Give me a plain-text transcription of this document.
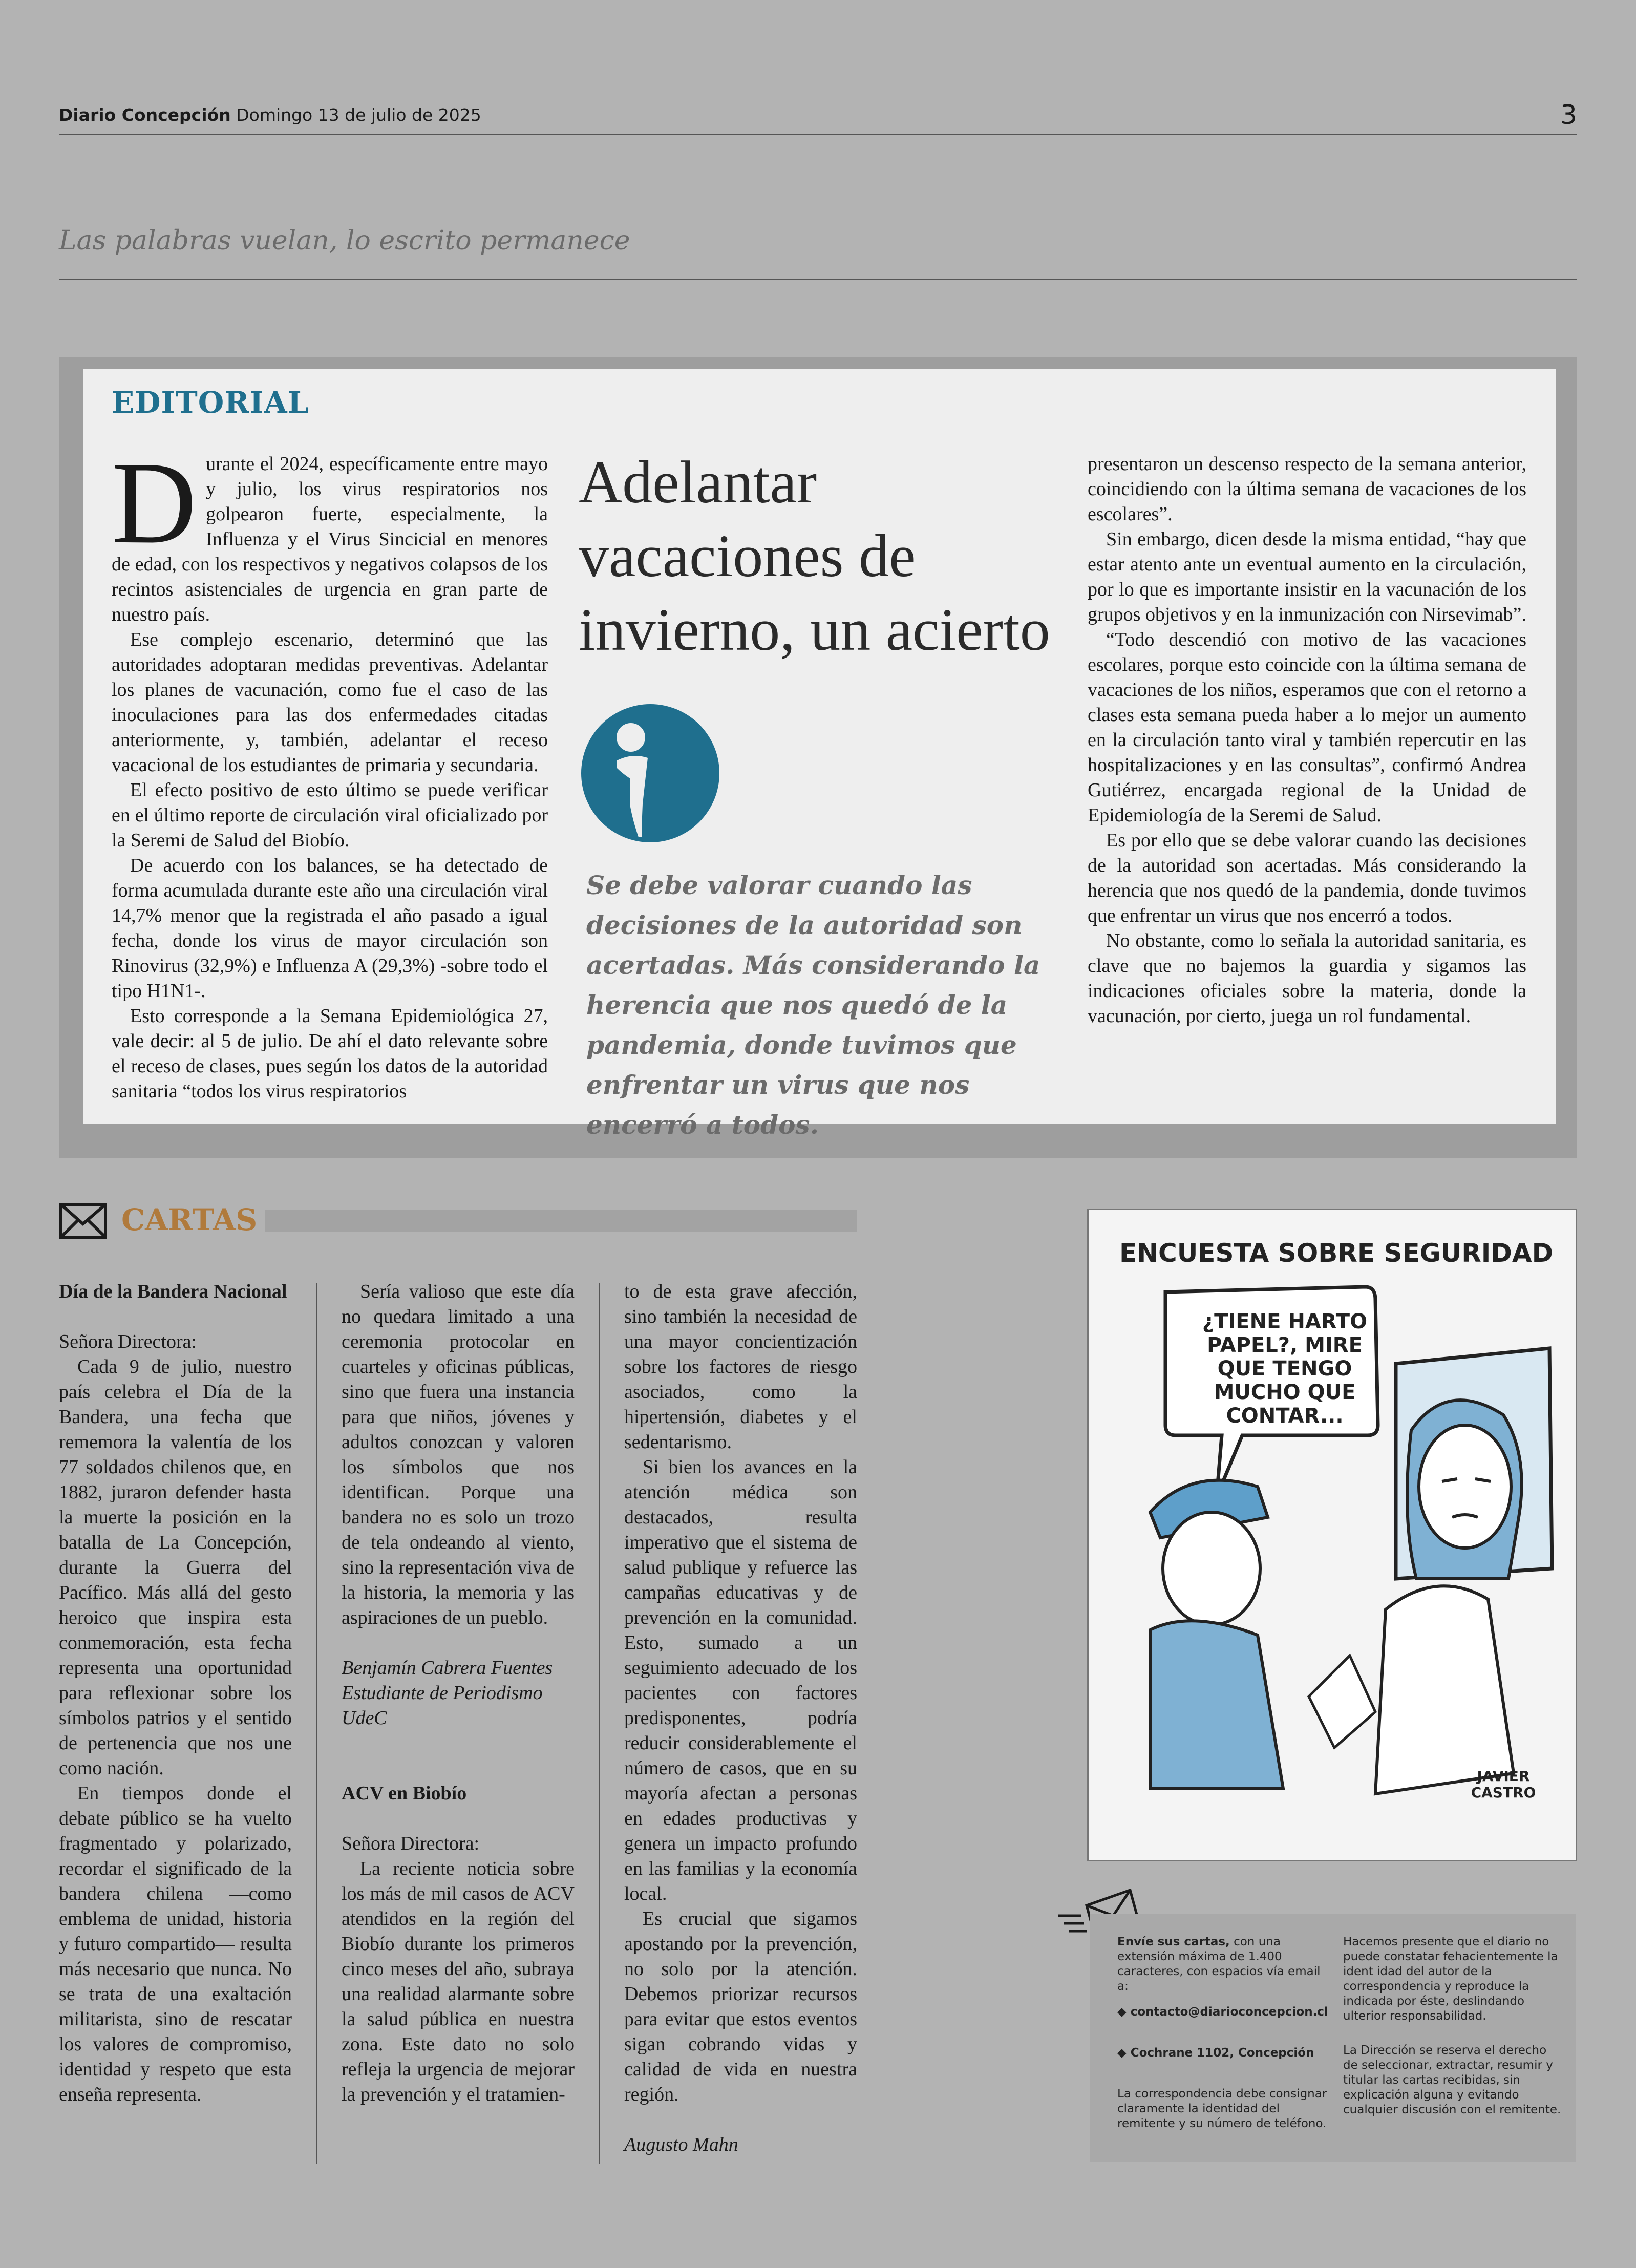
Diario Concepción Domingo 13 de julio de 2025	3
Las palabras vuelan, lo escrito permanece
EDITORIAL

Durante el 2024, específicamente entre mayo y julio, los virus respiratorios nos golpearon fuerte, especialmente, la Influenza y el Virus Sincicial en menores de edad, con los respectivos y negativos colapsos de los recintos asistenciales de urgencia en gran parte de nuestro país.

Ese complejo escenario, determinó que las autoridades adoptaran medidas preventivas. Adelantar los planes de vacunación, como fue el caso de las inoculaciones para las dos enfermedades citadas anteriormente, y, también, adelantar el receso vacacional de los estudiantes de primaria y secundaria.

El efecto positivo de esto último se puede verificar en el último reporte de circulación viral oficializado por la Seremi de Salud del Biobío.

De acuerdo con los balances, se ha detectado de forma acumulada durante este año una circulación viral 14,7% menor que la registrada el año pasado a igual fecha, donde los virus de mayor circulación son Rinovirus (32,9%) e Influenza A (29,3%) -sobre todo el tipo H1N1-.

Esto corresponde a la Semana Epidemiológica 27, vale decir: al 5 de julio. De ahí el dato relevante sobre el receso de clases, pues según los datos de la autoridad sanitaria “todos los virus respiratorios

Adelantar vacaciones de invierno, un acierto
Se debe valorar cuando las decisiones de la autoridad son acertadas. Más considerando la herencia que nos quedó de la pandemia, donde tuvimos que enfrentar un virus que nos encerró a todos.

presentaron un descenso respecto de la semana anterior, coincidiendo con la última semana de vacaciones de los escolares”.

Sin embargo, dicen desde la misma entidad, “hay que estar atento ante un eventual aumento en la circulación, por lo que es importante insistir en la vacunación de los grupos objetivos y en la inmunización con Nirsevimab”.

“Todo descendió con motivo de las vacaciones escolares, porque esto coincide con la última semana de vacaciones de los niños, esperamos que con el retorno a clases esta semana pueda haber a lo mejor un aumento en la circulación tanto viral y también repercutir en las hospitalizaciones y en las consultas”, confirmó Andrea Gutiérrez, encargada regional de la Unidad de Epidemiología de la Seremi de Salud.

Es por ello que se debe valorar cuando las decisiones de la autoridad son acertadas. Más considerando la herencia que nos quedó de la pandemia, donde tuvimos que enfrentar un virus que nos encerró a todos.

No obstante, como lo señala la autoridad sanitaria, es clave que no bajemos la guardia y sigamos las indicaciones oficiales sobre la materia, donde la vacunación, por cierto, juega un rol fundamental.

CARTAS

Día de la Bandera Nacional

Señora Directora:

Cada 9 de julio, nuestro país celebra el Día de la Bandera, una fecha que rememora la valentía de los 77 soldados chilenos que, en 1882, juraron defender hasta la muerte la posición en la batalla de La Concepción, durante la Guerra del Pacífico. Más allá del gesto heroico que inspira esta conmemoración, esta fecha representa una oportunidad para reflexionar sobre los símbolos patrios y el sentido de pertenencia que nos une como nación.

En tiempos donde el debate público se ha vuelto fragmentado y polarizado, recordar el significado de la bandera chilena —como emblema de unidad, historia y futuro compartido— resulta más necesario que nunca. No se trata de una exaltación militarista, sino de rescatar los valores de compromiso, identidad y respeto que esta enseña representa.

Sería valioso que este día no quedara limitado a una ceremonia protocolar en cuarteles y oficinas públicas, sino que fuera una instancia para que niños, jóvenes y adultos conozcan y valoren los símbolos que nos identifican. Porque una bandera no es solo un trozo de tela ondeando al viento, sino la representación viva de la historia, la memoria y las aspiraciones de un pueblo.

Benjamín Cabrera Fuentes

Estudiante de Periodismo

UdeC

ACV en Biobío

Señora Directora:

La reciente noticia sobre los más de mil casos de ACV atendidos en la región del Biobío durante los primeros cinco meses del año, subraya una realidad alarmante sobre la salud pública en nuestra zona. Este dato no solo refleja la urgencia de mejorar la prevención y el tratamien-

to de esta grave afección, sino también la necesidad de una mayor concientización sobre los factores de riesgo asociados, como la hipertensión, diabetes y el sedentarismo.

Si bien los avances en la atención médica son destacados, resulta imperativo que el sistema de salud publique y refuerce las campañas educativas y de prevención en la comunidad. Esto, sumado a un seguimiento adecuado de los pacientes con factores predisponentes, podría reducir considerablemente el número de casos, que en su mayoría afectan a personas en edades productivas y genera un impacto profundo en las familias y la economía local.

Es crucial que sigamos apostando por la prevención, no solo por la atención. Debemos priorizar recursos para evitar que estos eventos sigan cobrando vidas y calidad de vida en nuestra región.

Augusto Mahn

ENCUESTA SOBRE SEGURIDAD
¿TIENE HARTO PAPEL?, MIRE QUE TENGO MUCHO QUE CONTAR...
JAVIER CASTRO
Envíe sus cartas, con una extensión máxima de 1.400 caracteres, con espacios vía email a:
◆ contacto@diarioconcepcion.cl
◆ Cochrane 1102, Concepción
La correspondencia debe consignar claramente la identidad del remitente y su número de teléfono.
Hacemos presente que el diario no puede constatar fehacientemente la ident idad del autor de la correspondencia y reproduce la indicada por éste, deslindando ulterior responsabilidad.
La Dirección se reserva el derecho de seleccionar, extractar, resumir y titular las cartas recibidas, sin explicación alguna y evitando cualquier discusión con el remitente.
